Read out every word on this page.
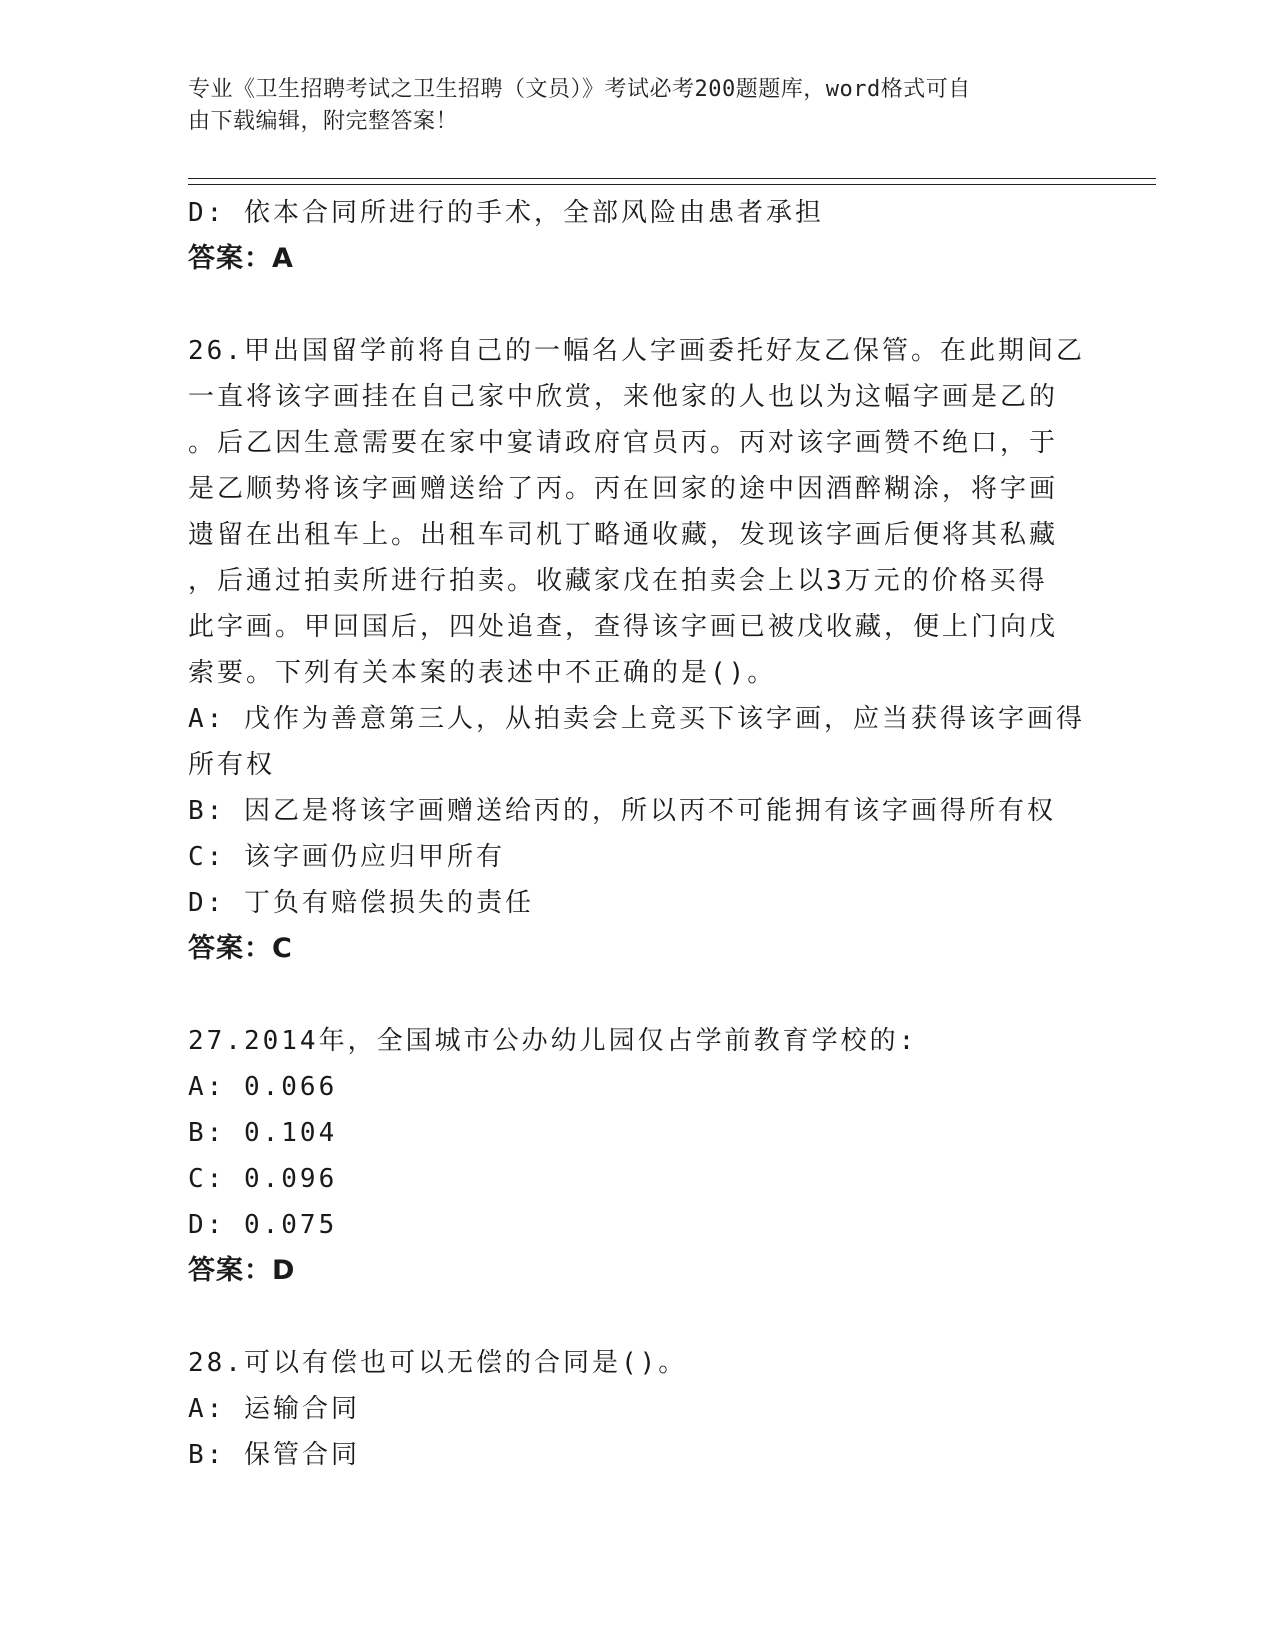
专业《卫生招聘考试之卫生招聘（文员）》考试必考200题题库，word格式可自
由下载编辑，附完整答案！
D: 依本合同所进行的手术，全部风险由患者承担
答案：A
26.甲出国留学前将自己的一幅名人字画委托好友乙保管。在此期间乙
一直将该字画挂在自己家中欣赏，来他家的人也以为这幅字画是乙的
。后乙因生意需要在家中宴请政府官员丙。丙对该字画赞不绝口，于
是乙顺势将该字画赠送给了丙。丙在回家的途中因酒醉糊涂，将字画
遗留在出租车上。出租车司机丁略通收藏，发现该字画后便将其私藏
，后通过拍卖所进行拍卖。收藏家戊在拍卖会上以3万元的价格买得
此字画。甲回国后，四处追查，查得该字画已被戊收藏，便上门向戊
索要。下列有关本案的表述中不正确的是()。
A: 戊作为善意第三人，从拍卖会上竞买下该字画，应当获得该字画得
所有权
B: 因乙是将该字画赠送给丙的，所以丙不可能拥有该字画得所有权
C: 该字画仍应归甲所有
D: 丁负有赔偿损失的责任
答案：C
27.2014年，全国城市公办幼儿园仅占学前教育学校的:
A: 0.066
B: 0.104
C: 0.096
D: 0.075
答案：D
28.可以有偿也可以无偿的合同是()。
A: 运输合同
B: 保管合同
